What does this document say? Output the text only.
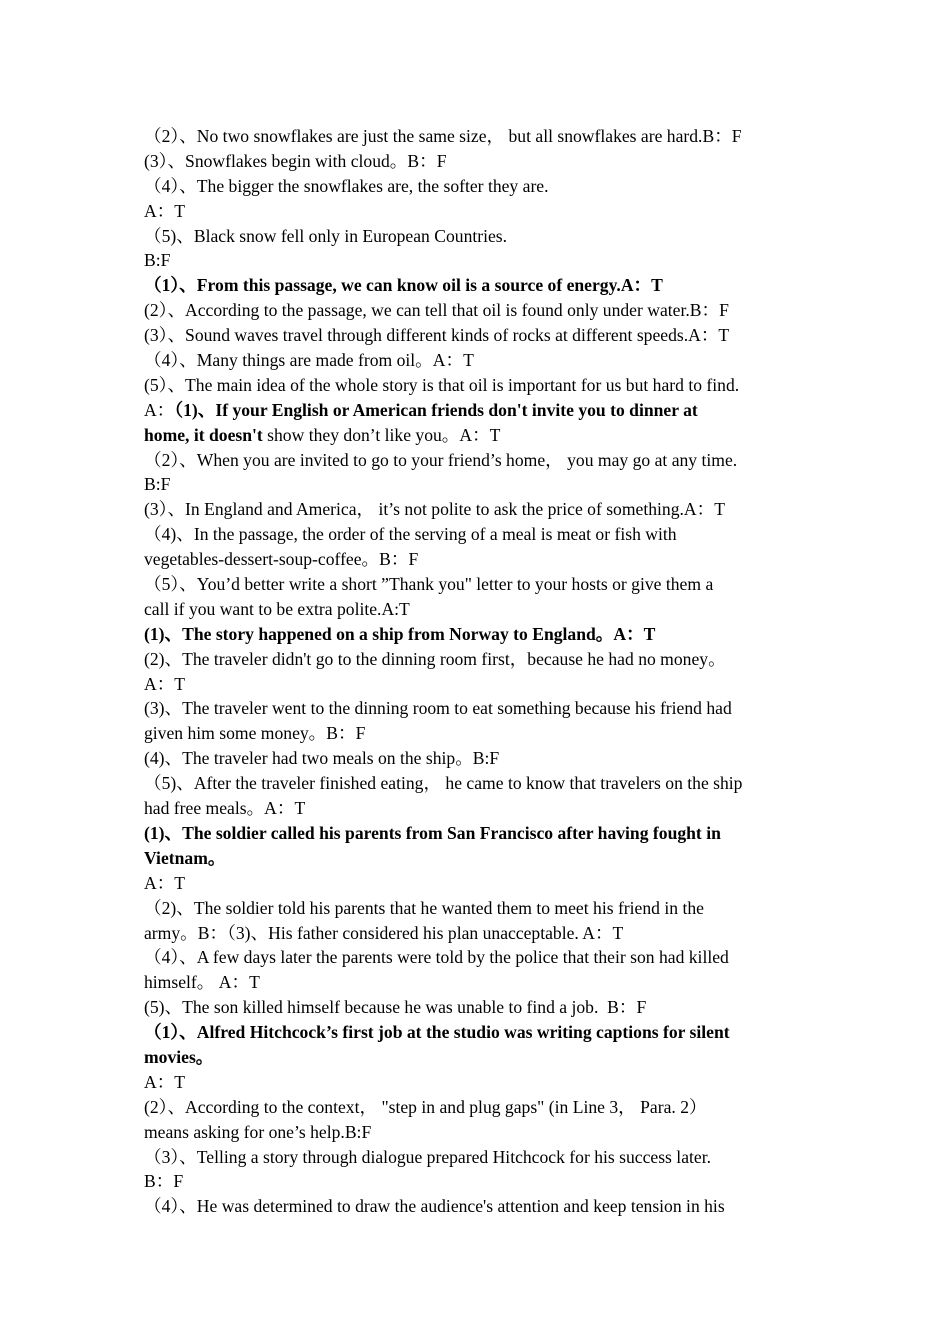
（2）、No two snowflakes are just the same size， but all snowflakes are hard.B：F
(3）、Snowflakes begin with cloud。B：F
（4）、The bigger the snowflakes are, the softer they are.
A：T
（5)、Black snow fell only in European Countries.
B:F
（1）、From this passage, we can know oil is a source of energy.A：T
(2）、According to the passage, we can tell that oil is found only under water.B：F
(3）、Sound waves travel through different kinds of rocks at different speeds.A：T
（4）、Many things are made from oil。A：T
(5）、The main idea of the whole story is that oil is important for us but hard to find.
A：（1)、If your English or American friends don't invite you to dinner at
home, it doesn't show they don’t like you。A：T
（2）、When you are invited to go to your friend’s home， you may go at any time.
B:F
(3）、In England and America， it’s not polite to ask the price of something.A：T
（4)、In the passage, the order of the serving of a meal is meat or fish with
vegetables-dessert-soup-coffee。B：F
（5）、You’d better write a short ”Thank you" letter to your hosts or give them a
call if you want to be extra polite.A:T
(1)、The story happened on a ship from Norway to England。A：T
(2)、The traveler didn't go to the dinning room first，because he had no money。
A：T
(3)、The traveler went to the dinning room to eat something because his friend had
given him some money。B：F
(4)、The traveler had two meals on the ship。B:F
（5)、After the traveler finished eating， he came to know that travelers on the ship
had free meals。A：T
(1)、The soldier called his parents from San Francisco after having fought in
Vietnam。
A：T
（2)、The soldier told his parents that he wanted them to meet his friend in the
army。B：（3)、His father considered his plan unacceptable. A：T
（4）、A few days later the parents were told by the police that their son had killed
himself。 A：T
(5)、The son killed himself because he was unable to find a job.  B：F
（1）、Alfred Hitchcock’s first job at the studio was writing captions for silent
movies。
A：T
(2）、According to the context， "step in and plug gaps" (in Line 3， Para. 2）
means asking for one’s help.B:F
（3）、Telling a story through dialogue prepared Hitchcock for his success later.
B：F
（4）、He was determined to draw the audience's attention and keep tension in his
